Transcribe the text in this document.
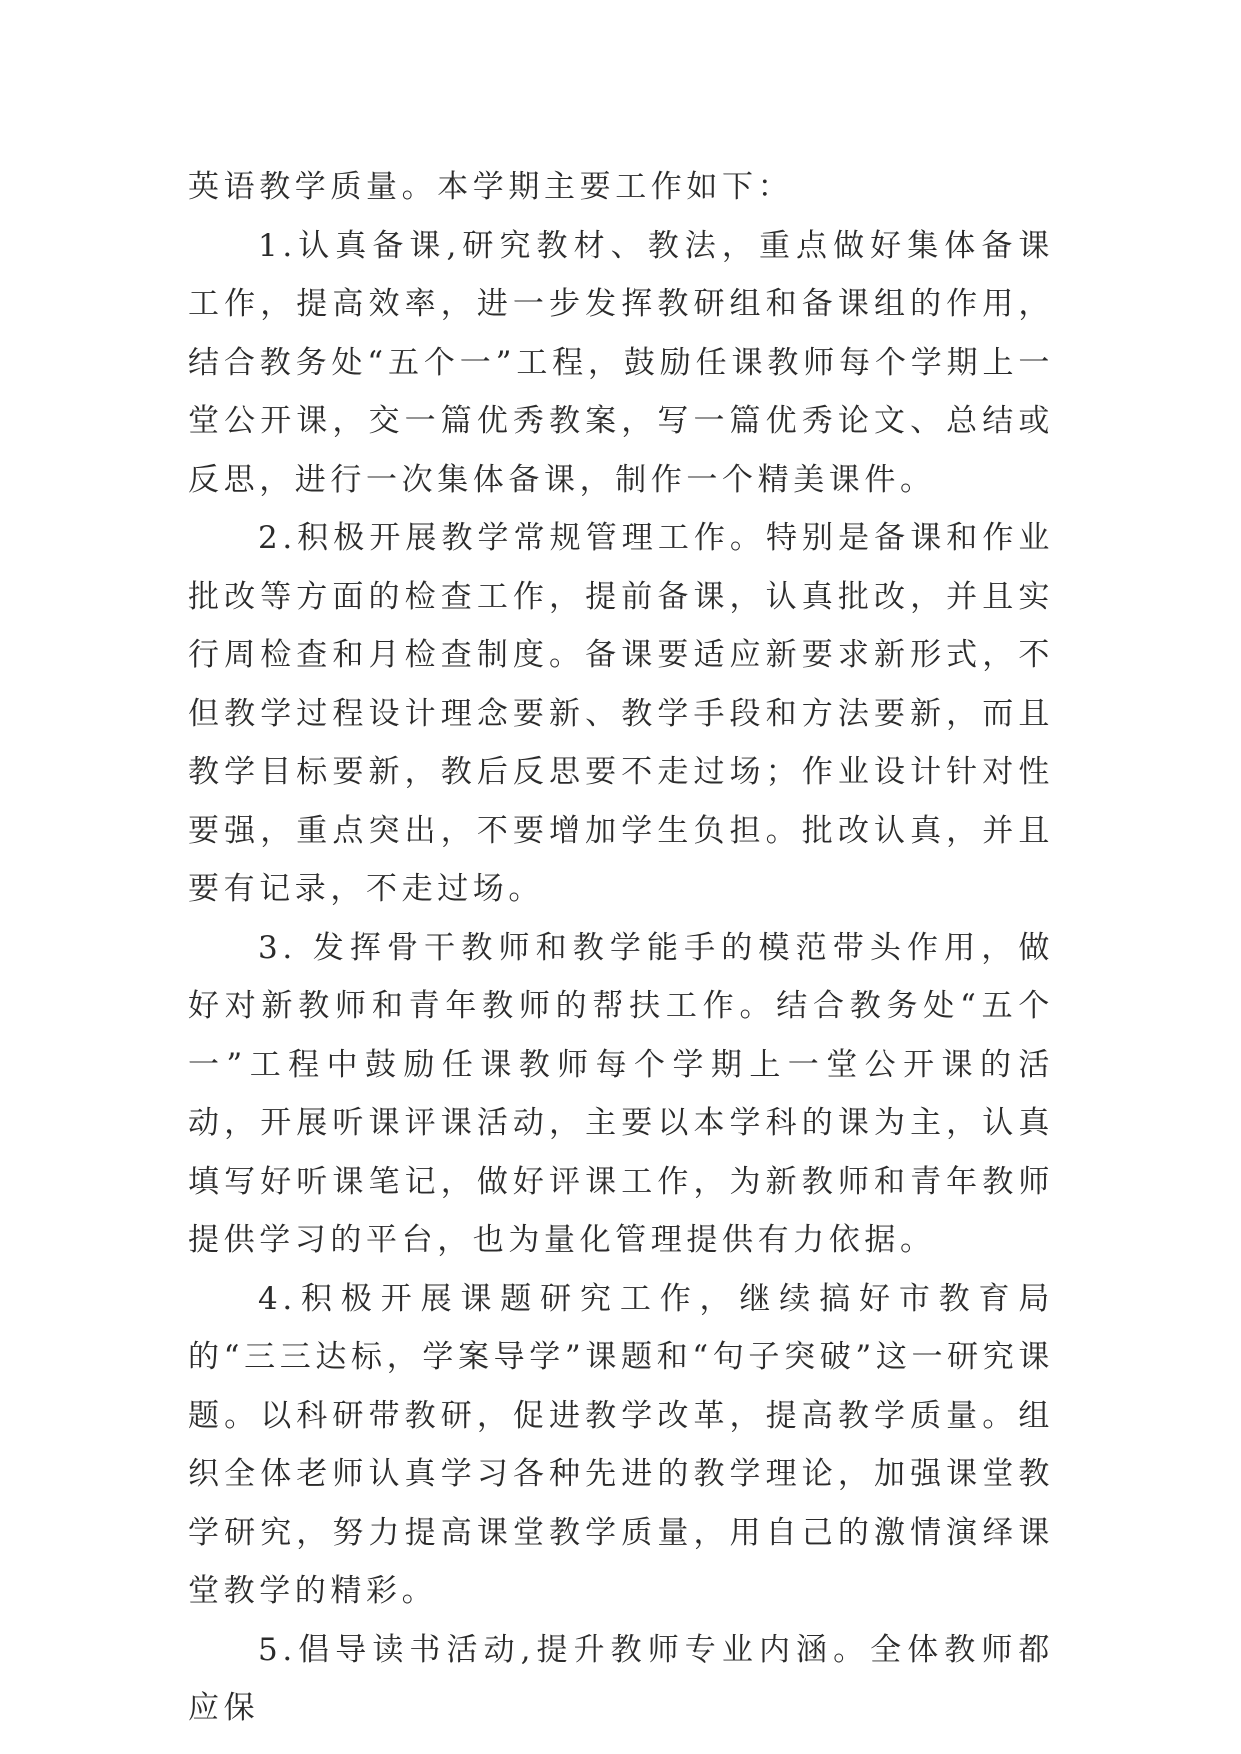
英语教学质量。本学期主要工作如下：

1.认真备课,研究教材、教法，重点做好集体备课工作，提高效率，进一步发挥教研组和备课组的作用，结合教务处“五个一”工程，鼓励任课教师每个学期上一堂公开课，交一篇优秀教案，写一篇优秀论文、总结或反思，进行一次集体备课，制作一个精美课件。

2.积极开展教学常规管理工作。特别是备课和作业批改等方面的检查工作，提前备课，认真批改，并且实行周检查和月检查制度。备课要适应新要求新形式，不但教学过程设计理念要新、教学手段和方法要新，而且教学目标要新，教后反思要不走过场；作业设计针对性要强，重点突出，不要增加学生负担。批改认真，并且要有记录，不走过场。

3. 发挥骨干教师和教学能手的模范带头作用，做好对新教师和青年教师的帮扶工作。结合教务处“五个一”工程中鼓励任课教师每个学期上一堂公开课的活动，开展听课评课活动，主要以本学科的课为主，认真填写好听课笔记，做好评课工作，为新教师和青年教师提供学习的平台，也为量化管理提供有力依据。

4.积极开展课题研究工作，继续搞好市教育局的“三三达标，学案导学”课题和“句子突破”这一研究课题。以科研带教研，促进教学改革，提高教学质量。组织全体老师认真学习各种先进的教学理论，加强课堂教学研究，努力提高课堂教学质量，用自己的激情演绎课堂教学的精彩。

5.倡导读书活动,提升教师专业内涵。全体教师都应保
